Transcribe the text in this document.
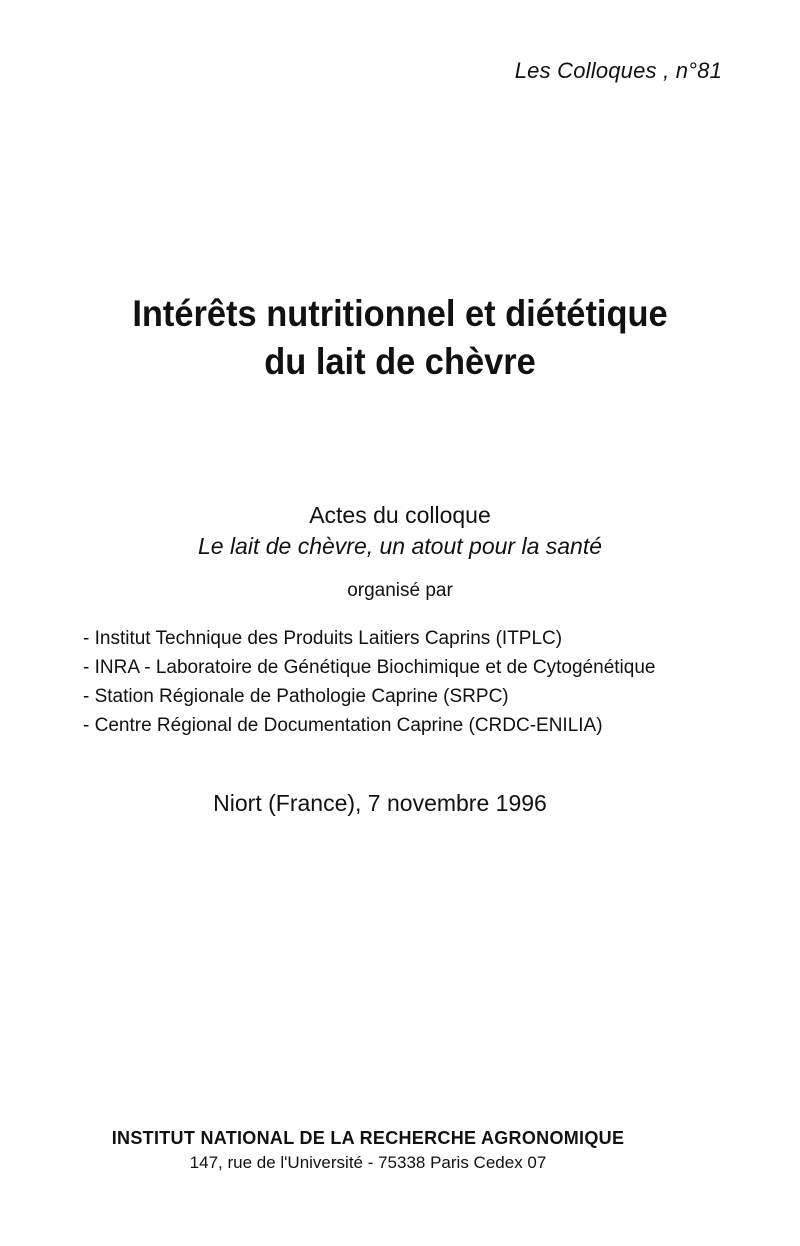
Les Colloques , n°81
Intérêts nutritionnel et diététique
du lait de chèvre
Actes du colloque
Le lait de chèvre, un atout pour la santé
organisé par
- Institut Technique des Produits Laitiers Caprins (ITPLC)
- INRA - Laboratoire de Génétique Biochimique et de Cytogénétique
- Station Régionale de Pathologie Caprine (SRPC)
- Centre Régional de Documentation Caprine (CRDC-ENILIA)
Niort (France), 7 novembre 1996
INSTITUT NATIONAL DE LA RECHERCHE AGRONOMIQUE
147, rue de l'Université - 75338 Paris Cedex 07
